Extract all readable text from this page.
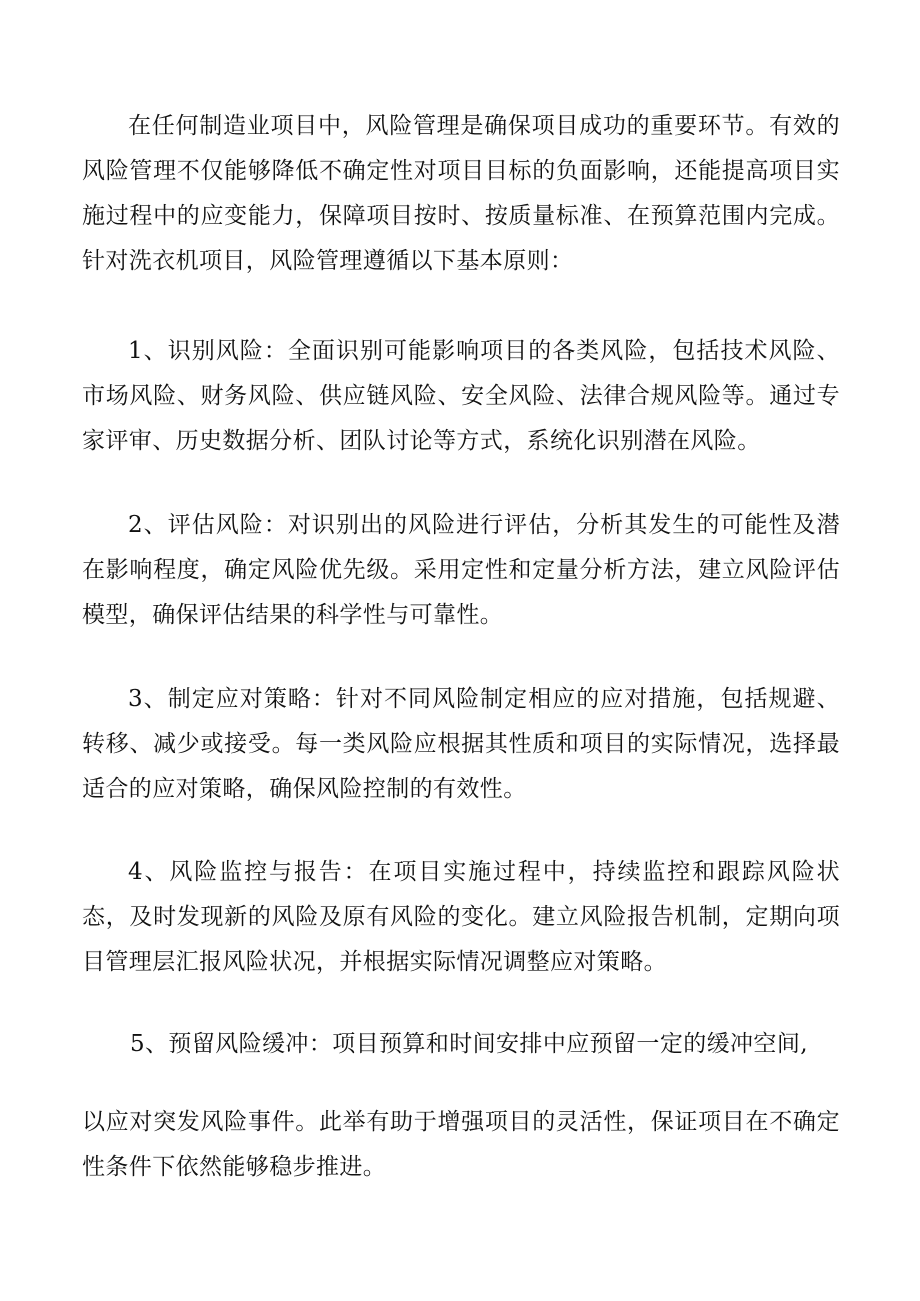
在任何制造业项目中，风险管理是确保项目成功的重要环节。有效的风险管理不仅能够降低不确定性对项目目标的负面影响，还能提高项目实施过程中的应变能力，保障项目按时、按质量标准、在预算范围内完成。针对洗衣机项目，风险管理遵循以下基本原则：

1、识别风险：全面识别可能影响项目的各类风险，包括技术风险、市场风险、财务风险、供应链风险、安全风险、法律合规风险等。通过专家评审、历史数据分析、团队讨论等方式，系统化识别潜在风险。

2、评估风险：对识别出的风险进行评估，分析其发生的可能性及潜在影响程度，确定风险优先级。采用定性和定量分析方法，建立风险评估模型，确保评估结果的科学性与可靠性。

3、制定应对策略：针对不同风险制定相应的应对措施，包括规避、转移、减少或接受。每一类风险应根据其性质和项目的实际情况，选择最适合的应对策略，确保风险控制的有效性。

4、风险监控与报告：在项目实施过程中，持续监控和跟踪风险状态，及时发现新的风险及原有风险的变化。建立风险报告机制，定期向项目管理层汇报风险状况，并根据实际情况调整应对策略。

5、预留风险缓冲：项目预算和时间安排中应预留一定的缓冲空间,

以应对突发风险事件。此举有助于增强项目的灵活性，保证项目在不确定性条件下依然能够稳步推进。
